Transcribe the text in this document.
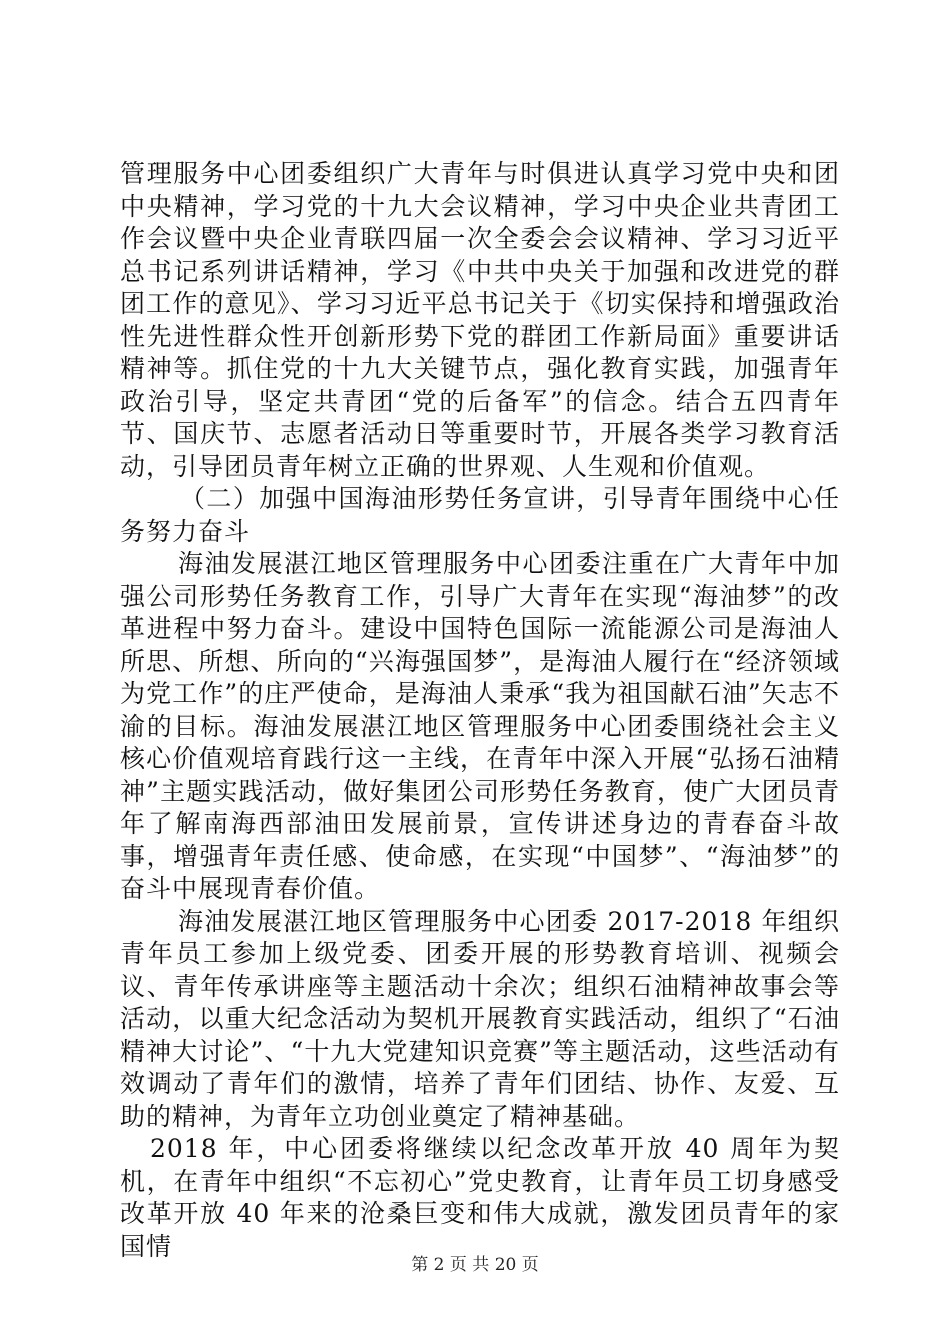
管理服务中心团委组织广大青年与时俱进认真学习党中央和团中央精神，学习党的十九大会议精神，学习中央企业共青团工作会议暨中央企业青联四届一次全委会会议精神、学习习近平总书记系列讲话精神，学习《中共中央关于加强和改进党的群团工作的意见》、学习习近平总书记关于《切实保持和增强政治性先进性群众性开创新形势下党的群团工作新局面》重要讲话精神等。抓住党的十九大关键节点，强化教育实践，加强青年政治引导，坚定共青团“党的后备军”的信念。结合五四青年节、国庆节、志愿者活动日等重要时节，开展各类学习教育活动，引导团员青年树立正确的世界观、人生观和价值观。

（二）加强中国海油形势任务宣讲，引导青年围绕中心任务努力奋斗

海油发展湛江地区管理服务中心团委注重在广大青年中加强公司形势任务教育工作，引导广大青年在实现“海油梦”的改革进程中努力奋斗。建设中国特色国际一流能源公司是海油人所思、所想、所向的“兴海强国梦”，是海油人履行在“经济领域为党工作”的庄严使命，是海油人秉承“我为祖国献石油”矢志不渝的目标。海油发展湛江地区管理服务中心团委围绕社会主义核心价值观培育践行这一主线，在青年中深入开展“弘扬石油精神”主题实践活动，做好集团公司形势任务教育，使广大团员青年了解南海西部油田发展前景，宣传讲述身边的青春奋斗故事，增强青年责任感、使命感，在实现“中国梦”、“海油梦”的奋斗中展现青春价值。

海油发展湛江地区管理服务中心团委 2017-2018 年组织青年员工参加上级党委、团委开展的形势教育培训、视频会议、青年传承讲座等主题活动十余次；组织石油精神故事会等活动，以重大纪念活动为契机开展教育实践活动，组织了“石油精神大讨论”、“十九大党建知识竞赛”等主题活动，这些活动有效调动了青年们的激情，培养了青年们团结、协作、友爱、互助的精神，为青年立功创业奠定了精神基础。

2018 年，中心团委将继续以纪念改革开放 40 周年为契机，在青年中组织“不忘初心”党史教育，让青年员工切身感受改革开放 40 年来的沧桑巨变和伟大成就，激发团员青年的家国情

第 2 页 共 20 页
